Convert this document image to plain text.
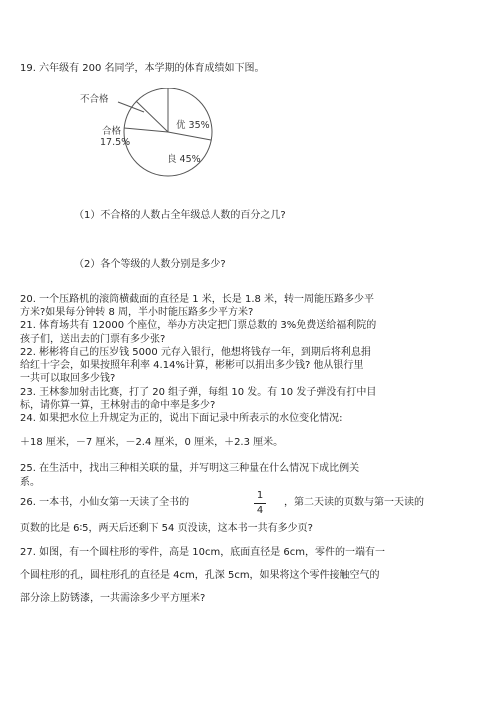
19. 六年级有 200 名同学，本学期的体育成绩如下图。
不合格
合格
17.5%
优 35%
良 45%
（1）不合格的人数占全年级总人数的百分之几?
（2）各个等级的人数分别是多少?
20. 一个压路机的滚筒横截面的直径是 1 米，长是 1.8 米，转一周能压路多少平
方米?如果每分钟转 8 周，半小时能压路多少平方米?
21. 体育场共有 12000 个座位，举办方决定把门票总数的 3%免费送给福利院的
孩子们，送出去的门票有多少张?
22. 彬彬将自己的压岁钱 5000 元存入银行，他想将钱存一年，到期后将利息捐
给红十字会，如果按照年利率 4.14%计算，彬彬可以捐出多少钱? 他从银行里
一共可以取回多少钱?
23. 王林参加射击比赛，打了 20 组子弹，每组 10 发。有 10 发子弹没有打中目
标，请你算一算，王林射击的命中率是多少?
24. 如果把水位上升规定为正的，说出下面记录中所表示的水位变化情况:
＋18 厘米，－7 厘米，－2.4 厘米，0 厘米，＋2.3 厘米。
25. 在生活中，找出三种相关联的量，并写明这三种量在什么情况下成比例关
系。
26. 一本书，小仙女第一天读了全书的
1
4
，第二天读的页数与第一天读的
页数的比是 6∶5，两天后还剩下 54 页没读，这本书一共有多少页?
27. 如图，有一个圆柱形的零件，高是 10cm，底面直径是 6cm，零件的一端有一
个圆柱形的孔，圆柱形孔的直径是 4cm，孔深 5cm，如果将这个零件接触空气的
部分涂上防锈漆，一共需涂多少平方厘米?
